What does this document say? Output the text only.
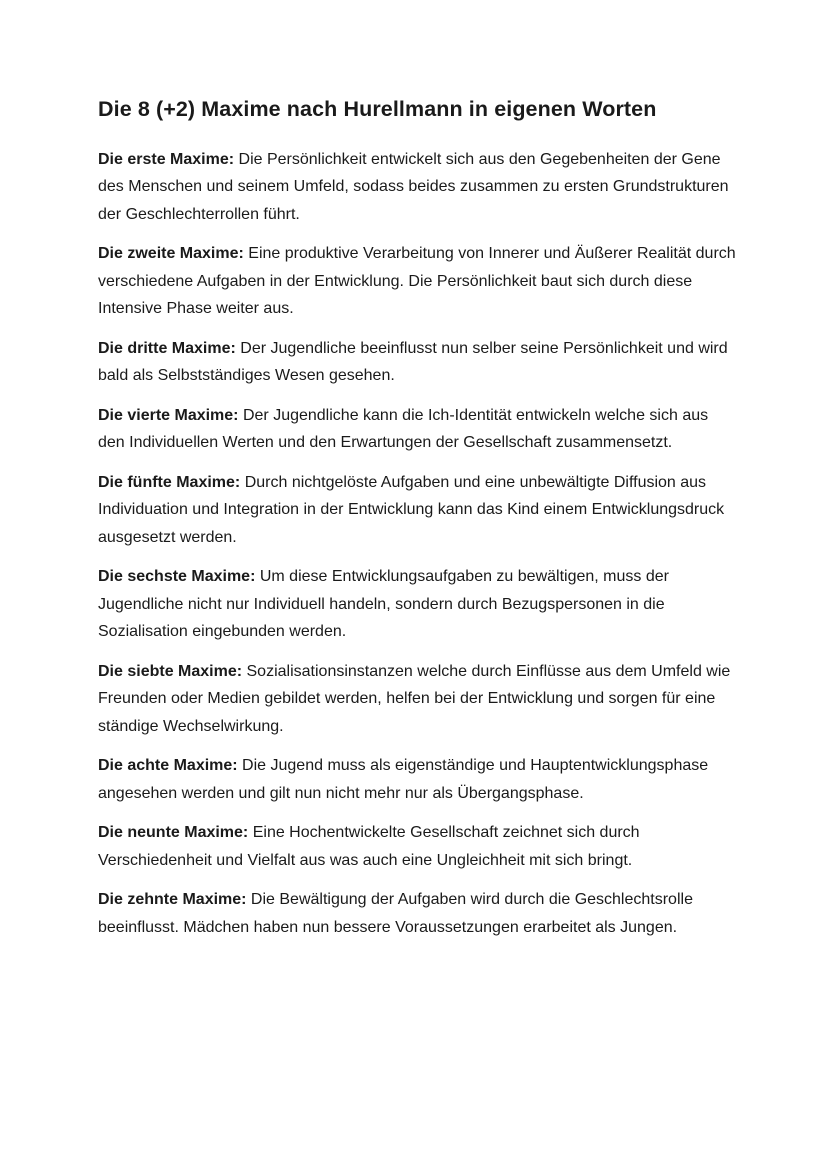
Die 8 (+2) Maxime nach Hurellmann in eigenen Worten

Die erste Maxime: Die Persönlichkeit entwickelt sich aus den Gegebenheiten der Gene des Menschen und seinem Umfeld, sodass beides zusammen zu ersten Grundstrukturen der Geschlechterrollen führt.

Die zweite Maxime: Eine produktive Verarbeitung von Innerer und Äußerer Realität durch verschiedene Aufgaben in der Entwicklung. Die Persönlichkeit baut sich durch diese Intensive Phase weiter aus.

Die dritte Maxime: Der Jugendliche beeinflusst nun selber seine Persönlichkeit und wird bald als Selbstständiges Wesen gesehen.

Die vierte Maxime: Der Jugendliche kann die Ich-Identität entwickeln welche sich aus den Individuellen Werten und den Erwartungen der Gesellschaft zusammensetzt.

Die fünfte Maxime: Durch nichtgelöste Aufgaben und eine unbewältigte Diffusion aus Individuation und Integration in der Entwicklung kann das Kind einem Entwicklungsdruck ausgesetzt werden.

Die sechste Maxime: Um diese Entwicklungsaufgaben zu bewältigen, muss der Jugendliche nicht nur Individuell handeln, sondern durch Bezugspersonen in die Sozialisation eingebunden werden.

Die siebte Maxime: Sozialisationsinstanzen welche durch Einflüsse aus dem Umfeld wie Freunden oder Medien gebildet werden, helfen bei der Entwicklung und sorgen für eine ständige Wechselwirkung.

Die achte Maxime: Die Jugend muss als eigenständige und Hauptentwicklungsphase angesehen werden und gilt nun nicht mehr nur als Übergangsphase.

Die neunte Maxime: Eine Hochentwickelte Gesellschaft zeichnet sich durch Verschiedenheit und Vielfalt aus was auch eine Ungleichheit mit sich bringt.

Die zehnte Maxime: Die Bewältigung der Aufgaben wird durch die Geschlechtsrolle beeinflusst. Mädchen haben nun bessere Voraussetzungen erarbeitet als Jungen.
